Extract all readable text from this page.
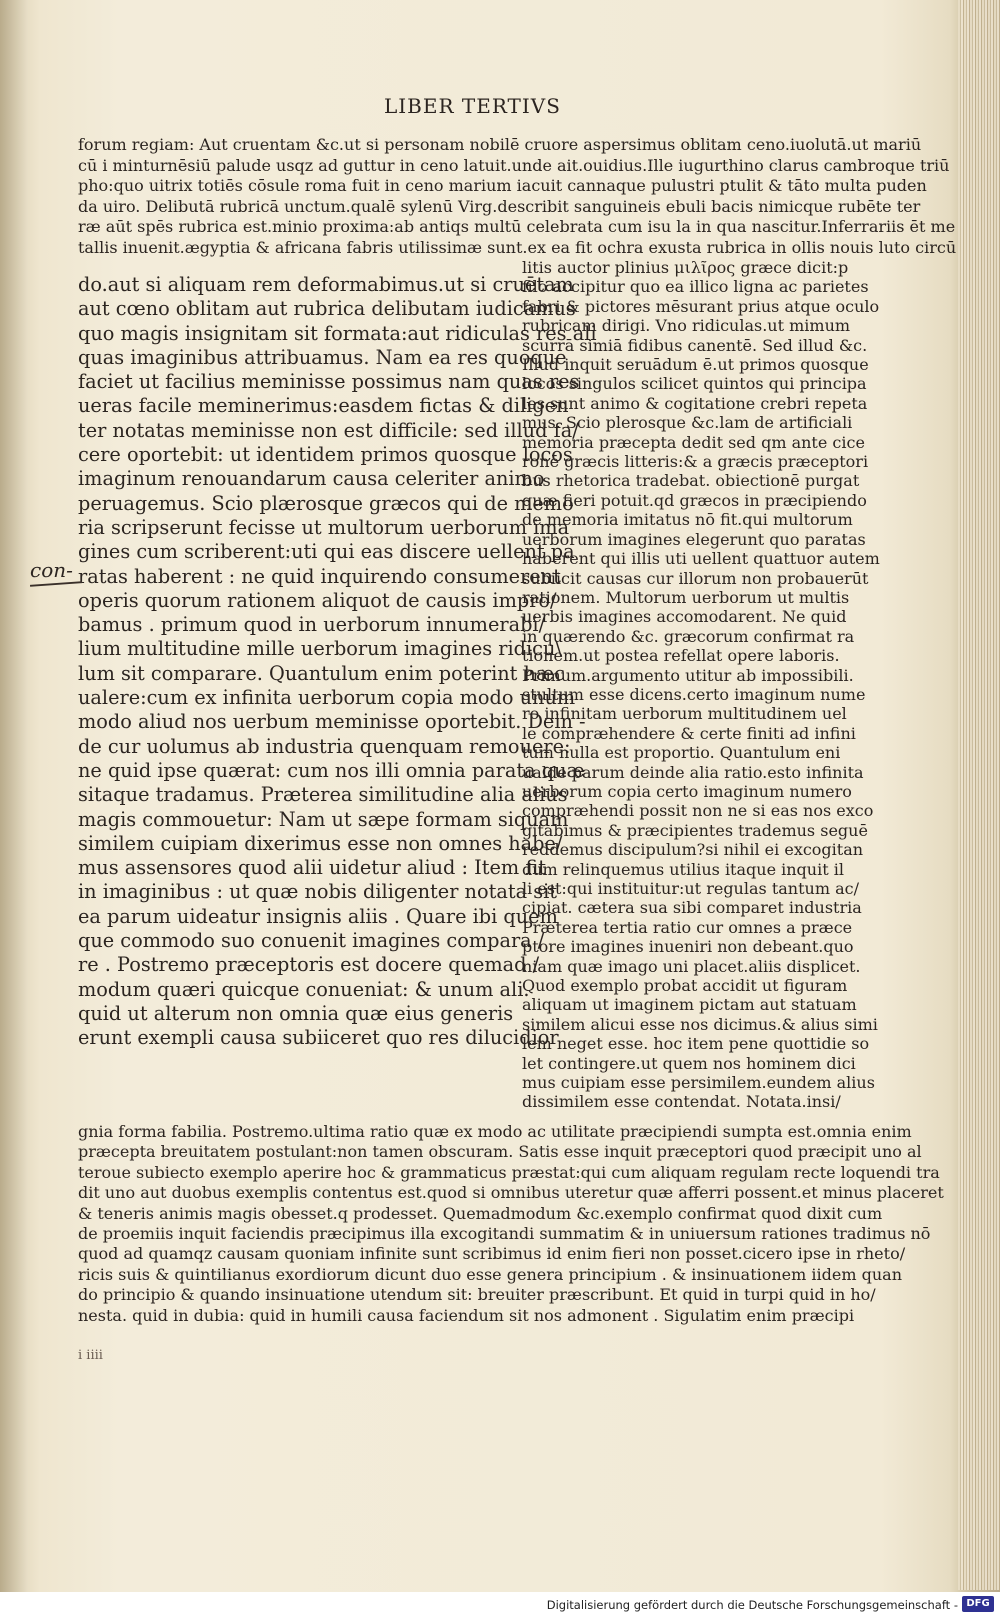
LIBER TERTIVS
forum regiam: Aut cruentam &c.ut si personam nobilē cruore aspersimus oblitam ceno.iuolutā.ut mariū
cū i minturnēsiū palude usqz ad guttur in ceno latuit.unde ait.ouidius.Ille iugurthino clarus cambroque triū
pho:quo uitrix totiēs cōsule roma fuit in ceno marium iacuit cannaque pulustri ptulit & tāto multa puden
da uiro. Delibutā rubricā unctum.qualē sylenū Virg.describit sanguineis ebuli bacis nimicque rubēte ter
ræ aūt spēs rubrica est.minio proxima:ab antiqs multū celebrata cum isu la in qua nascitur.Inferrariis ēt me
tallis inuenit.ægyptia & africana fabris utilissimæ sunt.ex ea fit ochra exusta rubrica in ollis nouis luto circū
do.aut si aliquam rem deformabimus.ut si cruētam
aut cœno oblitam aut rubrica delibutam iudicamus
quo magis insignitam sit formata:aut ridiculas res ali
quas imaginibus attribuamus. Nam ea res quoque
faciet ut facilius meminisse possimus nam quas res
ueras facile meminerimus:easdem fictas & diligen
ter notatas meminisse non est difficile: sed illud fa/
cere oportebit: ut identidem primos quosque locos
imaginum renouandarum causa celeriter animo
peruagemus. Scio plærosque græcos qui de memo
ria scripserunt fecisse ut multorum uerborum ima
gines cum scriberent:uti qui eas discere uellent pa
ratas haberent : ne quid inquirendo consumerent
operis quorum rationem aliquot de causis impro/
bamus . primum quod in uerborum innumerabi/
lium multitudine mille uerborum imagines ridicu\
lum sit comparare. Quantulum enim poterint hæc
ualere:cum ex infinita uerborum copia modo unum
modo aliud nos uerbum meminisse oportebit. Dein -
de cur uolumus ab industria quenquam remouere:
ne quid ipse quærat: cum nos illi omnia parata quæ
sitaque tradamus. Præterea similitudine alia alius
magis commouetur: Nam ut sæpe formam siquam
similem cuipiam dixerimus esse non omnes habe/
mus assensores quod alii uidetur aliud : Item fit
in imaginibus : ut quæ nobis diligenter notata sit
ea parum uideatur insignis aliis . Quare ibi quem
que commodo suo conuenit imagines compara /
re . Postremo præceptoris est docere quemad /
modum quæri quicque conueniat: & unum ali.
quid ut alterum non omnia quæ eius generis
erunt exempli causa subiiceret quo res dilucidior
litis auctor plinius μιλῖρος græce dicit:p
filo accipitur quo ea illico ligna ac parietes
fabri & pictores mēsurant prius atque oculo
rubricam dirigi. Vno ridiculas.ut mimum
scurrā simiā fidibus canentē. Sed illud &c.
Illud inquit seruādum ē.ut primos quosque
locos singulos scilicet quintos qui principa
les sunt animo & cogitatione crebri repeta
mus. Scio plerosque &c.lam de artificiali
memoria præcepta dedit sed qm ante cice
ronē græcis litteris:& a græcis præceptori
bus rhetorica tradebat. obiectionē purgat
quæ fieri potuit.qd græcos in præcipiendo
de memoria imitatus nō fit.qui multorum
uerborum imagines elegerunt quo paratas
haberent qui illis uti uellent quattuor autem
subiicit causas cur illorum non probauerūt
rationem. Multorum uerborum ut multis
uerbis imagines accomodarent. Ne quid
in quærendo &c. græcorum confirmat ra
tionem.ut postea refellat opere laboris.
Primum.argumento utitur ab impossibili.
stultum esse dicens.certo imaginum nume
ro infinitam uerborum multitudinem uel
le compræhendere & certe finiti ad infini
tum nulla est proportio. Quantulum eni
ualde parum deinde alia ratio.esto infinita
uerborum copia certo imaginum numero
compræhendi possit non ne si eas nos exco
gitabimus & præcipientes trademus seguē
reddemus discipulum?si nihil ei excogitan
dum relinquemus utilius itaque inquit il
li est:qui instituitur:ut regulas tantum ac/
cipiat. cætera sua sibi comparet industria
Præterea tertia ratio cur omnes a præce
ptore imagines inueniri non debeant.quo
niam quæ imago uni placet.aliis displicet.
Quod exemplo probat accidit ut figuram
aliquam ut imaginem pictam aut statuam
similem alicui esse nos dicimus.& alius simi
lem neget esse. hoc item pene quottidie so
let contingere.ut quem nos hominem dici
mus cuipiam esse persimilem.eundem alius
dissimilem esse contendat. Notata.insi/
gnia forma fabilia. Postremo.ultima ratio quæ ex modo ac utilitate præcipiendi sumpta est.omnia enim
præcepta breuitatem postulant:non tamen obscuram. Satis esse inquit præceptori quod præcipit uno al
teroue subiecto exemplo aperire hoc & grammaticus præstat:qui cum aliquam regulam recte loquendi tra
dit uno aut duobus exemplis contentus est.quod si omnibus uteretur quæ afferri possent.et minus placeret
& teneris animis magis obesset.q prodesset. Quemadmodum &c.exemplo confirmat quod dixit cum
de proemiis inquit faciendis præcipimus illa excogitandi summatim & in uniuersum rationes tradimus nō
quod ad quamqz causam quoniam infinite sunt scribimus id enim fieri non posset.cicero ipse in rheto/
ricis suis & quintilianus exordiorum dicunt duo esse genera principium . & insinuationem iidem quan
do principio & quando insinuatione utendum sit: breuiter præscribunt. Et quid in turpi quid in ho/
nesta. quid in dubia: quid in humili causa faciendum sit nos admonent . Sigulatim enim præcipi
con-
i iiii
Digitalisierung gefördert durch die Deutsche Forschungsgemeinschaft - DFG
